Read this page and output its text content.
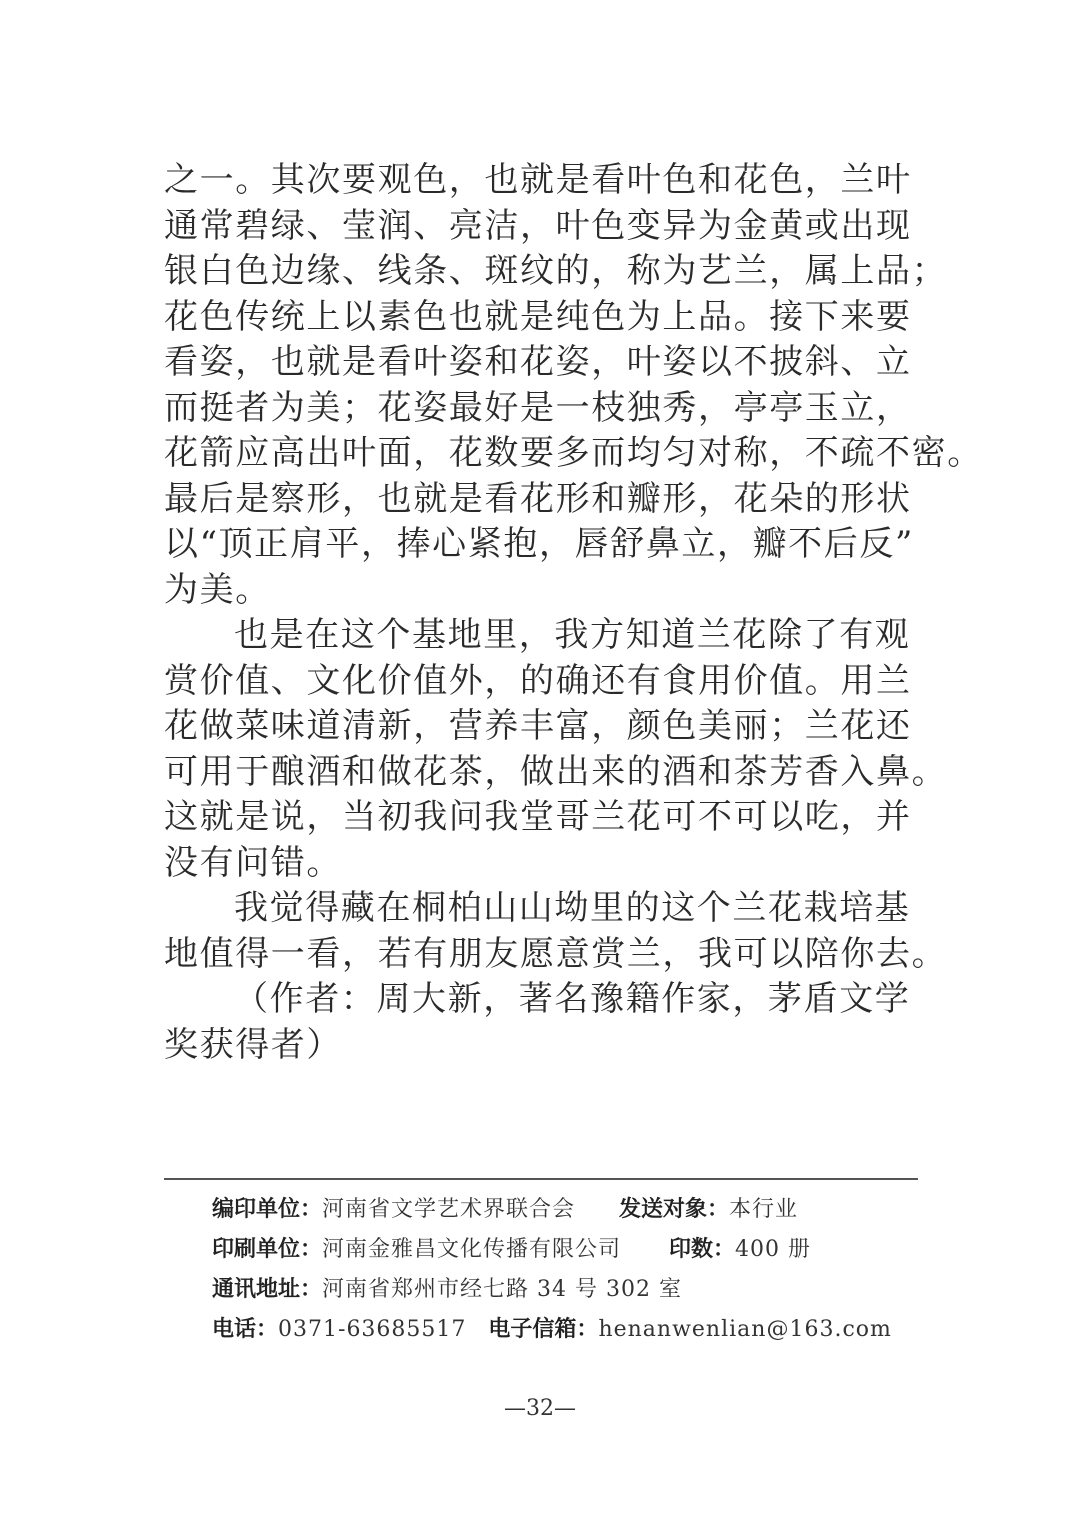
之一。其次要观色，也就是看叶色和花色，兰叶
通常碧绿、莹润、亮洁，叶色变异为金黄或出现
银白色边缘、线条、斑纹的，称为艺兰，属上品；
花色传统上以素色也就是纯色为上品。接下来要
看姿，也就是看叶姿和花姿，叶姿以不披斜、立
而挺者为美；花姿最好是一枝独秀，亭亭玉立，
花箭应高出叶面，花数要多而均匀对称，不疏不密。
最后是察形，也就是看花形和瓣形，花朵的形状
以“顶正肩平，捧心紧抱，唇舒鼻立，瓣不后反”
为美。
也是在这个基地里，我方知道兰花除了有观
赏价值、文化价值外，的确还有食用价值。用兰
花做菜味道清新，营养丰富，颜色美丽；兰花还
可用于酿酒和做花茶，做出来的酒和茶芳香入鼻。
这就是说，当初我问我堂哥兰花可不可以吃，并
没有问错。
我觉得藏在桐柏山山坳里的这个兰花栽培基
地值得一看，若有朋友愿意赏兰，我可以陪你去。
（作者：周大新，著名豫籍作家，茅盾文学
奖获得者）
编印单位：河南省文学艺术界联合会 发送对象：本行业
印刷单位：河南金雅昌文化传播有限公司 印数：400 册
通讯地址：河南省郑州市经七路 34 号 302 室
电话：0371-63685517 电子信箱：henanwenlian@163.com
—32—
